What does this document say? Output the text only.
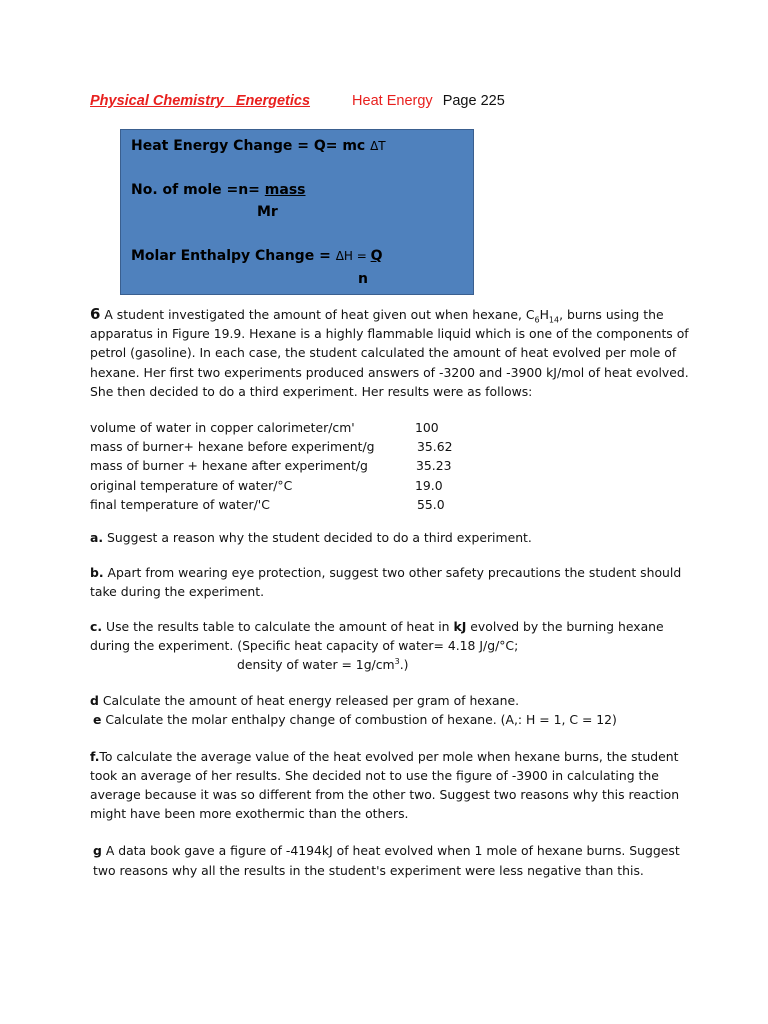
Physical Chemistry   Energetics	Heat Energy Page 225
Heat Energy Change = Q= mc ΔT
No. of mole =n= mass
Mr
Molar Enthalpy Change = ΔH = Q
n

6 A student investigated the amount of heat given out when hexane, $C_6H_{14}$, burns using the apparatus in Figure 19.9. Hexane is a highly flammable liquid which is one of the components of petrol (gasoline). In each case, the student calculated the amount of heat evolved per mole of hexane. Her first two experiments produced answers of -3200 and -3900 kJ/mol of heat evolved. She then decided to do a third experiment. Her results were as follows:

volume of water in copper calorimeter/cm'	100
mass of burner+ hexane before experiment/g	35.62
mass of burner + hexane after experiment/g	35.23
original temperature of water/°C	19.0
final temperature of water/'C	55.0

a. Suggest a reason why the student decided to do a third experiment.

b. Apart from wearing eye protection, suggest two other safety precautions the student should take during the experiment.

c. Use the results table to calculate the amount of heat in kJ evolved by the burning hexane during the experiment. (Specific heat capacity of water= 4.18 J/g/°C;

density of water = $1g/cm^3$.)

d Calculate the amount of heat energy released per gram of hexane.

e Calculate the molar enthalpy change of combustion of hexane. (A,: H = 1, C = 12)

f.To calculate the average value of the heat evolved per mole when hexane burns, the student took an average of her results. She decided not to use the figure of -3900 in calculating the average because it was so different from the other two. Suggest two reasons why this reaction might have been more exothermic than the others.

g A data book gave a figure of -4194kJ of heat evolved when 1 mole of hexane burns. Suggest two reasons why all the results in the student's experiment were less negative than this.
